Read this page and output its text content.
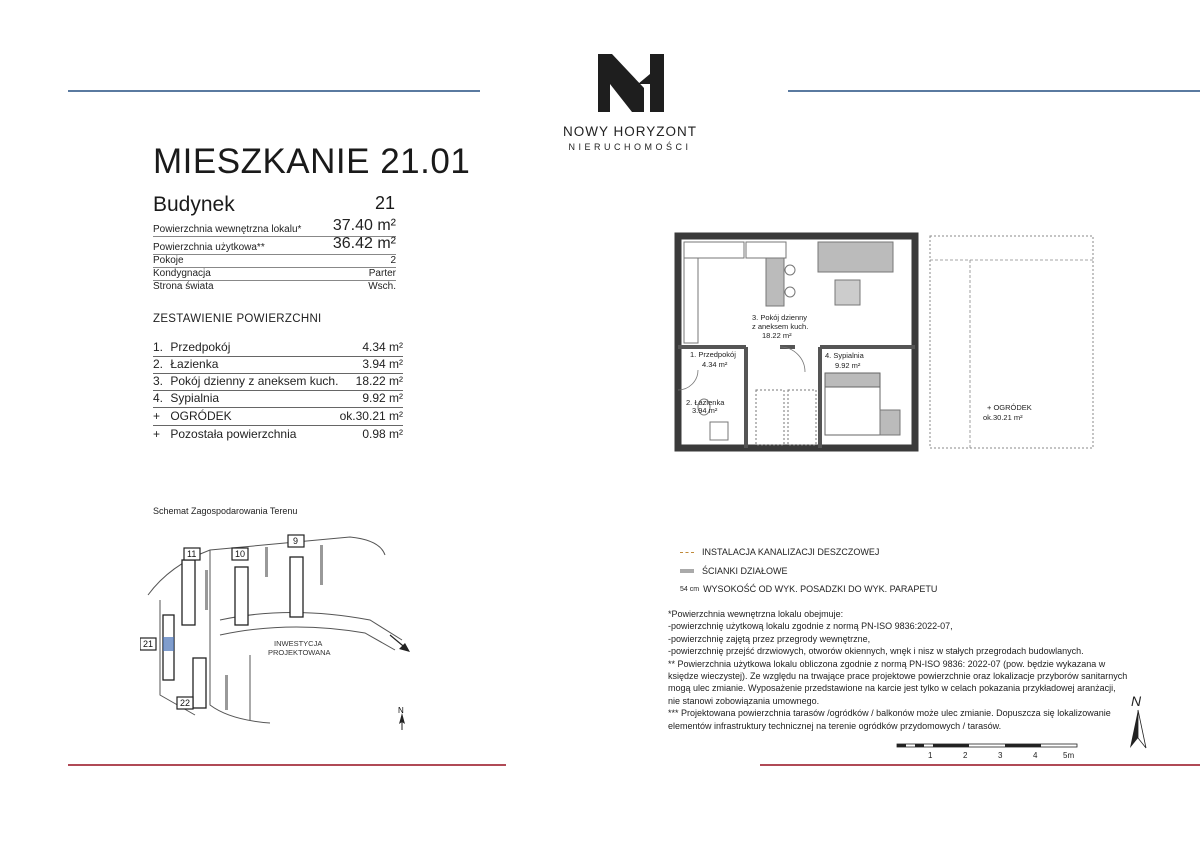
NOWY HORYZONT
NIERUCHOMOŚCI
MIESZKANIE 21.01
Budynek	21
Powierzchnia wewnętrzna lokalu* 37.40 m²
Powierzchnia użytkowa**	36.42 m²
Pokoje	2
Kondygnacja	Parter
Strona świata	Wsch.
ZESTAWIENIE POWIERZCHNI
1. Przedpokój	4.34 m²
2. Łazienka	3.94 m²
3. Pokój dzienny z aneksem kuch. 18.22 m²
4. Sypialnia	9.92 m²
+ OGRÓDEK	ok.30.21 m²
+ Pozostała powierzchnia	0.98 m²
Schemat Zagospodarowania Terenu
11	10
9
21
22
INWESTYCJA
PROJEKTOWANA
N
1. Przedpokój
4.34 m²
2. Łazienka
3.94 m²
3. Pokój dzienny
z aneksem kuch.
18.22 m²
4. Sypialnia
9.92 m²
+ OGRÓDEK
ok.30.21 m²
INSTALACJA KANALIZACJI DESZCZOWEJ
ŚCIANKI DZIAŁOWE
54 cm WYSOKOŚĆ OD WYK. POSADZKI DO WYK. PARAPETU
*Powierzchnia wewnętrzna lokalu obejmuje:
-powierzchnię użytkową lokalu zgodnie z normą PN-ISO 9836:2022-07,
-powierzchnię zajętą przez przegrody wewnętrzne,
-powierzchnię przejść drzwiowych, otworów okiennych, wnęk i nisz w stałych przegrodach budowlanych.
** Powierzchnia użytkowa lokalu obliczona zgodnie z normą PN-ISO 9836: 2022-07 (pow. będzie wykazana w księdze wieczystej). Ze względu na trwające prace projektowe powierzchnie oraz lokalizacje przyborów sanitarnych mogą ulec zmianie. Wyposażenie przedstawione na karcie jest tylko w celach pokazania przykładowej aranżacji, nie stanowi zobowiązania umownego.
*** Projektowana powierzchnia tarasów /ogródków / balkonów może ulec zmianie. Dopuszcza się lokalizowanie elementów infrastruktury technicznej na terenie ogródków przydomowych / tarasów.
1	2	3	4	5m
N
